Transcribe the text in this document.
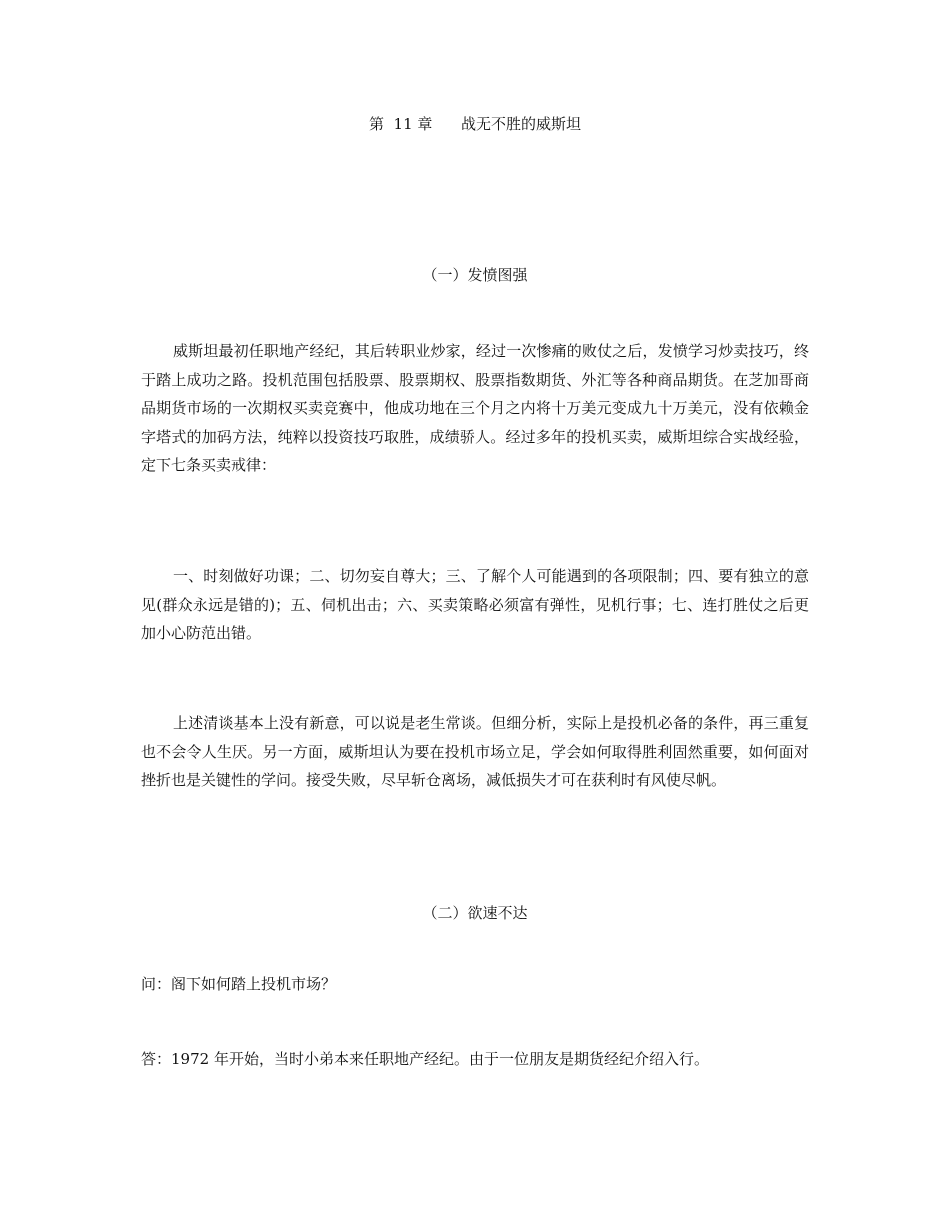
第  11 章      战无不胜的威斯坦
（一）发愤图强

威斯坦最初任职地产经纪，其后转职业炒家，经过一次惨痛的败仗之后，发愤学习炒卖技巧，终于踏上成功之路。投机范围包括股票、股票期权、股票指数期货、外汇等各种商品期货。在芝加哥商品期货市场的一次期权买卖竞赛中，他成功地在三个月之内将十万美元变成九十万美元，没有依赖金字塔式的加码方法，纯粹以投资技巧取胜，成绩骄人。经过多年的投机买卖，威斯坦综合实战经验，定下七条买卖戒律：

一、时刻做好功课；二、切勿妄自尊大；三、了解个人可能遇到的各项限制；四、要有独立的意见(群众永远是错的)；五、伺机出击；六、买卖策略必须富有弹性，见机行事；七、连打胜仗之后更加小心防范出错。

上述清谈基本上没有新意，可以说是老生常谈。但细分析，实际上是投机必备的条件，再三重复也不会令人生厌。另一方面，威斯坦认为要在投机市场立足，学会如何取得胜利固然重要，如何面对挫折也是关键性的学问。接受失败，尽早斩仓离场，减低损失才可在获利时有风使尽帆。

（二）欲速不达

问：阁下如何踏上投机市场？

答：1972 年开始，当时小弟本来任职地产经纪。由于一位朋友是期货经纪介绍入行。
